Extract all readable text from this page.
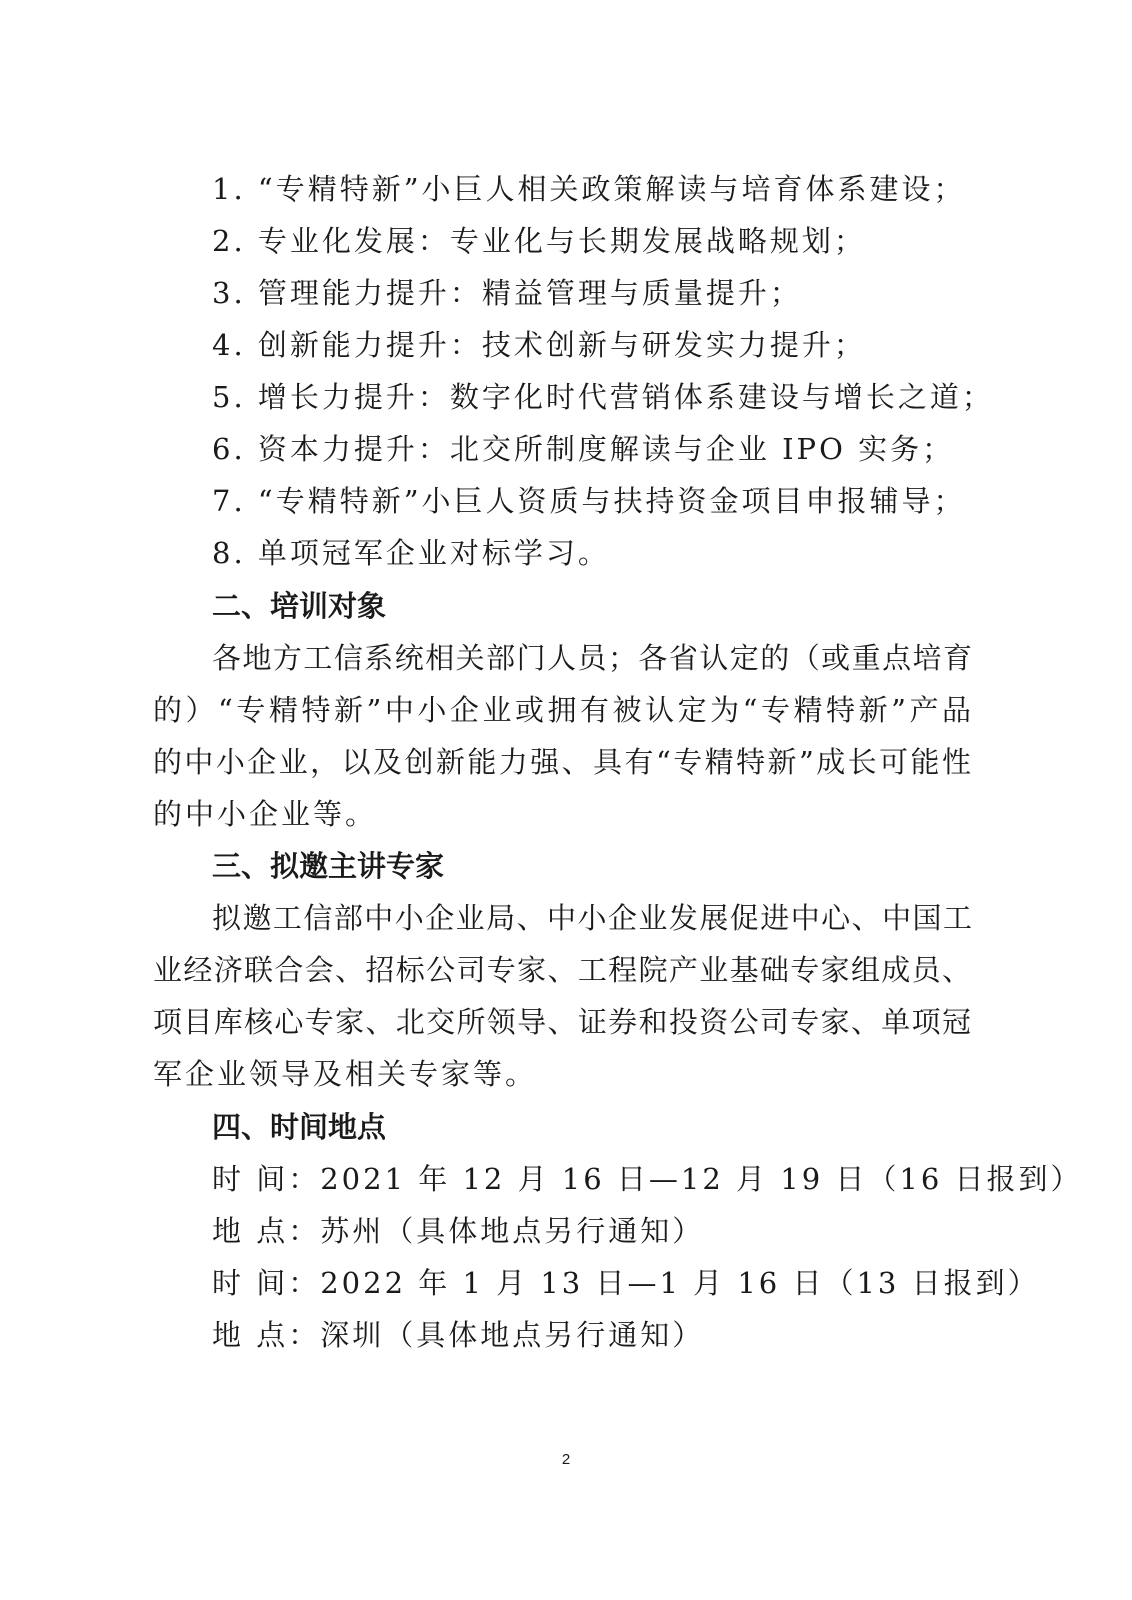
1. “专精特新”小巨人相关政策解读与培育体系建设；
2. 专业化发展：专业化与长期发展战略规划；
3. 管理能力提升：精益管理与质量提升；
4. 创新能力提升：技术创新与研发实力提升；
5. 增长力提升：数字化时代营销体系建设与增长之道；
6. 资本力提升：北交所制度解读与企业 IPO 实务；
7. “专精特新”小巨人资质与扶持资金项目申报辅导；
8. 单项冠军企业对标学习。
二、培训对象
各地方工信系统相关部门人员；各省认定的（或重点培育
的）“专精特新”中小企业或拥有被认定为“专精特新”产品
的中小企业，以及创新能力强、具有“专精特新”成长可能性
的中小企业等。
三、拟邀主讲专家
拟邀工信部中小企业局、中小企业发展促进中心、中国工
业经济联合会、招标公司专家、工程院产业基础专家组成员、
项目库核心专家、北交所领导、证券和投资公司专家、单项冠
军企业领导及相关专家等。
四、时间地点
时 间：2021 年 12 月 16 日—12 月 19 日（16 日报到）
地 点：苏州（具体地点另行通知）
时 间：2022 年 1 月 13 日—1 月 16 日（13 日报到）
地 点：深圳（具体地点另行通知）
2
